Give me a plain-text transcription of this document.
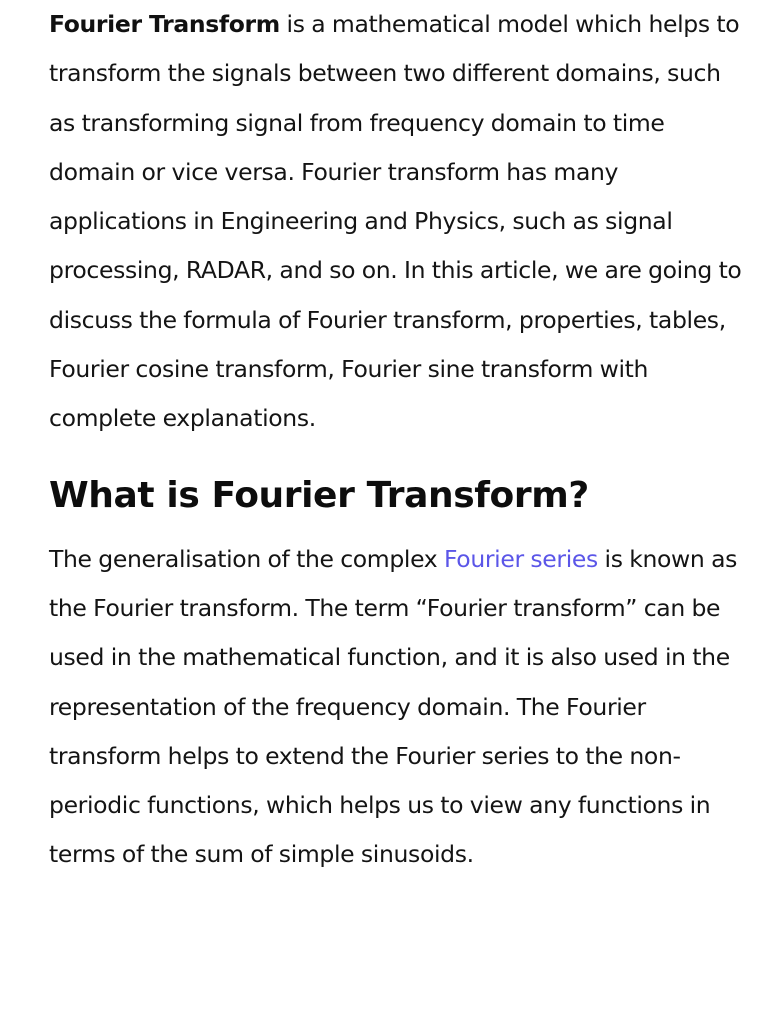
Fourier Transform is a mathematical model which helps to transform the signals between two different domains, such as transforming signal from frequency domain to time domain or vice versa. Fourier transform has many applications in Engineering and Physics, such as signal processing, RADAR, and so on. In this article, we are going to discuss the formula of Fourier transform, properties, tables, Fourier cosine transform, Fourier sine transform with complete explanations.

What is Fourier Transform?

The generalisation of the complex Fourier series is known as the Fourier transform. The term “Fourier transform” can be used in the mathematical function, and it is also used in the representation of the frequency domain. The Fourier transform helps to extend the Fourier series to the non-periodic functions, which helps us to view any functions in terms of the sum of simple sinusoids.
